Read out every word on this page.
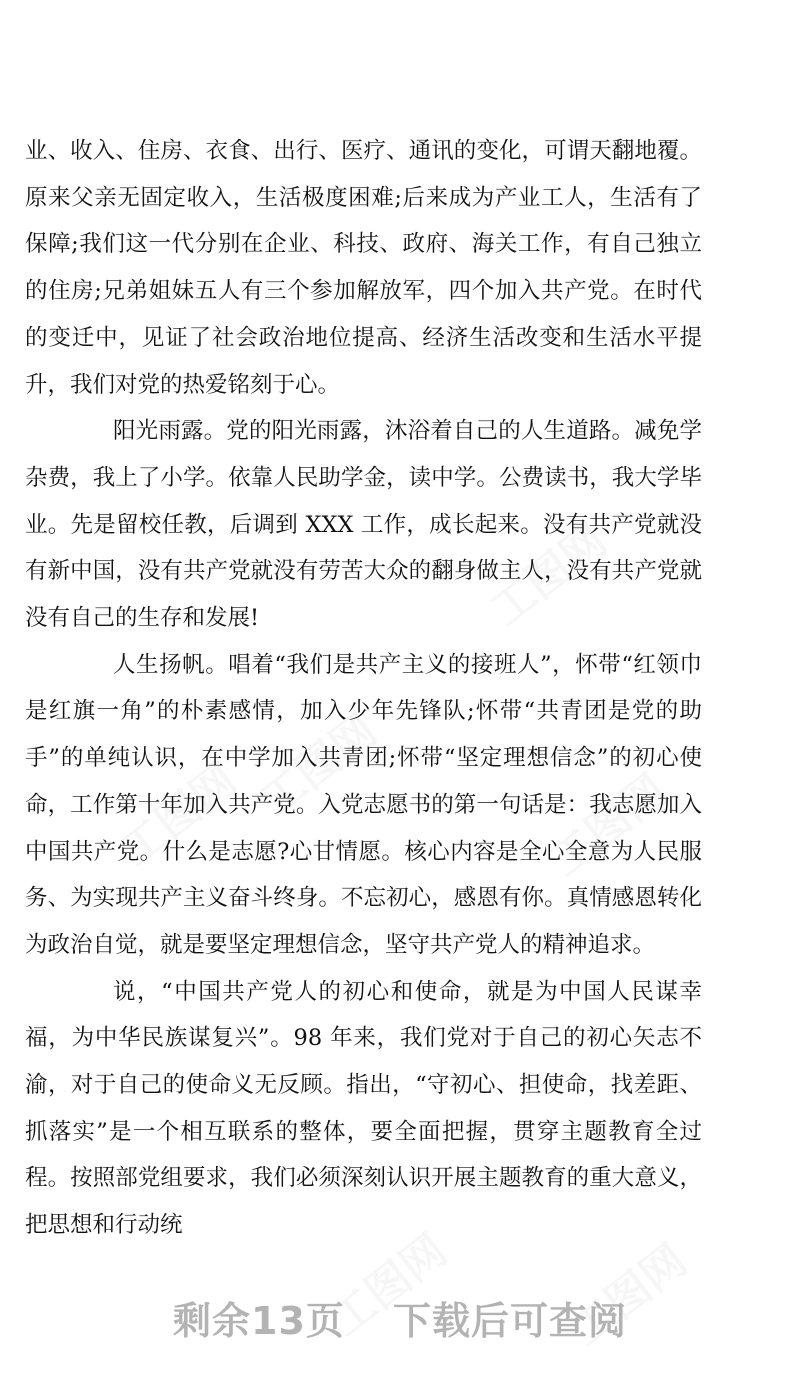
业、收入、住房、衣食、出行、医疗、通讯的变化，可谓天翻地覆。原来父亲无固定收入，生活极度困难;后来成为产业工人，生活有了保障;我们这一代分别在企业、科技、政府、海关工作，有自己独立的住房;兄弟姐妹五人有三个参加解放军，四个加入共产党。在时代的变迁中，见证了社会政治地位提高、经济生活改变和生活水平提升，我们对党的热爱铭刻于心。

阳光雨露。党的阳光雨露，沐浴着自己的人生道路。减免学杂费，我上了小学。依靠人民助学金，读中学。公费读书，我大学毕业。先是留校任教，后调到 XXX 工作，成长起来。没有共产党就没有新中国，没有共产党就没有劳苦大众的翻身做主人，没有共产党就没有自己的生存和发展!

人生扬帆。唱着“我们是共产主义的接班人”，怀带“红领巾是红旗一角”的朴素感情，加入少年先锋队;怀带“共青团是党的助手”的单纯认识，在中学加入共青团;怀带“坚定理想信念”的初心使命，工作第十年加入共产党。入党志愿书的第一句话是：我志愿加入中国共产党。什么是志愿?心甘情愿。核心内容是全心全意为人民服务、为实现共产主义奋斗终身。不忘初心，感恩有你。真情感恩转化为政治自觉，就是要坚定理想信念，坚守共产党人的精神追求。

说，“中国共产党人的初心和使命，就是为中国人民谋幸福，为中华民族谋复兴”。98 年来，我们党对于自己的初心矢志不渝，对于自己的使命义无反顾。指出，“守初心、担使命，找差距、抓落实”是一个相互联系的整体，要全面把握，贯穿主题教育全过程。按照部党组要求，我们必须深刻认识开展主题教育的重大意义，把思想和行动统

剩余13页 下载后可查阅
